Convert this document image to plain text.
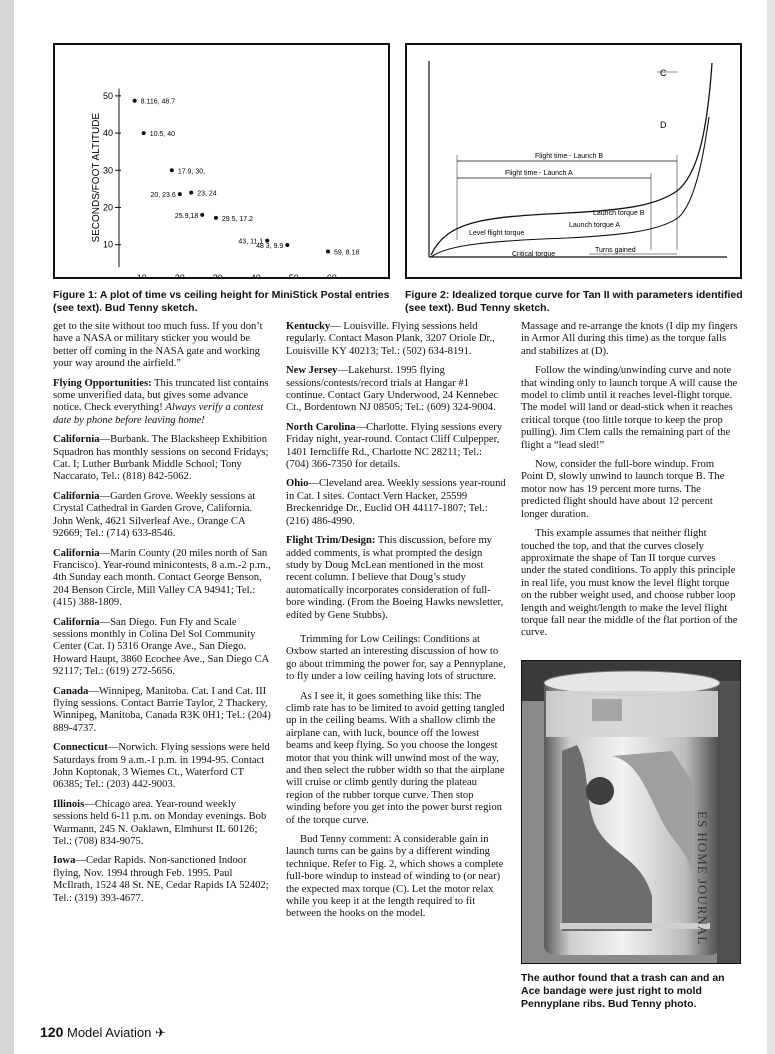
50
40
30
20
10
SECONDS/FOOT ALTITUDE
8.116, 48.7
10.5, 40
17.9, 30,
20, 23.6	23, 24
25.9,18	29.5, 17.2
43, 11.1
48 3, 9.9
59, 8.18
Figure 1: A plot of time vs ceiling height for MiniStick Postal entries (see text). Bud Tenny sketch.
C
D
Flight time - Launch B
Flight time - Launch A
Launch torque B
Launch torque A
Level flight torque
Critical torque
Turns gained
Figure 2: Idealized torque curve for Tan II with parameters identified (see text). Bud Tenny sketch.

get to the site without too much fuss. If you don’t have a NASA or military sticker you would be better off coming in the NASA gate and working your way around the airfield.”

Flying Opportunities: This truncated list contains some unverified data, but gives some advance notice. Check everything! Always verify a contest date by phone before leaving home!

California—Burbank. The Blacksheep Exhibition Squadron has monthly sessions on second Fridays; Cat. I; Luther Burbank Middle School; Tony Naccarato, Tel.: (818) 842-5062.

California—Garden Grove. Weekly sessions at Crystal Cathedral in Garden Grove, California. John Wenk, 4621 Silverleaf Ave., Orange CA 92669; Tel.: (714) 633-8546.

California—Marin County (20 miles north of San Francisco). Year-round minicontests, 8 a.m.-2 p.m., 4th Sunday each month. Contact George Benson, 204 Benson Circle, Mill Valley CA 94941; Tel.: (415) 388-1809.

California—San Diego. Fun Fly and Scale sessions monthly in Colina Del Sol Community Center (Cat. I) 5316 Orange Ave., San Diego. Howard Haupt, 3860 Ecochee Ave., San Diego CA 92117; Tel.: (619) 272-5656.

Canada—Winnipeg, Manitoba. Cat. I and Cat. III flying sessions. Contact Barrie Taylor, 2 Thackery, Winnipeg, Manitoba, Canada R3K 0H1; Tel.: (204) 889-4737.

Connecticut—Norwich. Flying sessions were held Saturdays from 9 a.m.-1 p.m. in 1994-95. Contact John Koptonak, 3 Wiemes Ct., Waterford CT 06385; Tel.: (203) 442-9003.

Illinois—Chicago area. Year-round weekly sessions held 6-11 p.m. on Monday evenings. Bob Warmann, 245 N. Oaklawn, Elmhurst IL 60126; Tel.: (708) 834-9075.

Iowa—Cedar Rapids. Non-sanctioned Indoor flying, Nov. 1994 through Feb. 1995. Paul McIlrath, 1524 48 St. NE, Cedar Rapids IA 52402; Tel.: (319) 393-4677.

Kentucky— Louisville. Flying sessions held regularly. Contact Mason Plank, 3207 Oriole Dr., Louisville KY 40213; Tel.: (502) 634-8191.

New Jersey—Lakehurst. 1995 flying sessions/contests/record trials at Hangar #1 continue. Contact Gary Underwood, 24 Kennebec Ct., Bordentown NJ 08505; Tel.: (609) 324-9004.

North Carolina—Charlotte. Flying sessions every Friday night, year-round. Contact Cliff Culpepper, 1401 Ierncliffe Rd., Charlotte NC 28211; Tel.: (704) 366-7350 for details.

Ohio—Cleveland area. Weekly sessions year-round in Cat. I sites. Contact Vern Hacker, 25599 Breckenridge Dr., Euclid OH 44117-1807; Tel.: (216) 486-4990.

Flight Trim/Design: This discussion, before my added comments, is what prompted the design study by Doug McLean mentioned in the most recent column. I believe that Doug’s study automatically incorporates consideration of full-bore winding. (From the Boeing Hawks newsletter, edited by Gene Stubbs).

Trimming for Low Ceilings: Conditions at Oxbow started an interesting discussion of how to go about trimming the power for, say a Pennyplane, to fly under a low ceiling having lots of structure.

As I see it, it goes something like this: The climb rate has to be limited to avoid getting tangled up in the ceiling beams. With a shallow climb the airplane can, with luck, bounce off the lowest beams and keep flying. So you choose the longest motor that you think will unwind most of the way, and then select the rubber width so that the airplane will cruise or climb gently during the plateau region of the rubber torque curve. Then stop winding before you get into the power burst region of the torque curve.

Bud Tenny comment: A considerable gain in launch turns can be gains by a different winding technique. Refer to Fig. 2, which shows a complete full-bore windup to instead of winding to (or near) the expected max torque (C). Let the motor relax while you keep it at the length required to fit between the hooks on the model.

Massage and re-arrange the knots (I dip my fingers in Armor All during this time) as the torque falls and stabilizes at (D).

Follow the winding/unwinding curve and note that winding only to launch torque A will cause the model to climb until it reaches level-flight torque. The model will land or dead-stick when it reaches critical torque (too little torque to keep the prop pulling). Jim Clem calls the remaining part of the flight a “lead sled!”

Now, consider the full-bore windup. From Point D, slowly unwind to launch torque B. The motor now has 19 percent more turns. The predicted flight should have about 12 percent longer duration.

This example assumes that neither flight touched the top, and that the curves closely approximate the shape of Tan II torque curves under the stated conditions. To apply this principle in real life, you must know the level flight torque on the rubber weight used, and choose rubber loop length and weight/length to make the level flight torque fall near the middle of the flat portion of the curve.

ES HOME JOURNAL
The author found that a trash can and an Ace bandage were just right to mold Pennyplane ribs. Bud Tenny photo.
120 Model Aviation ✈
